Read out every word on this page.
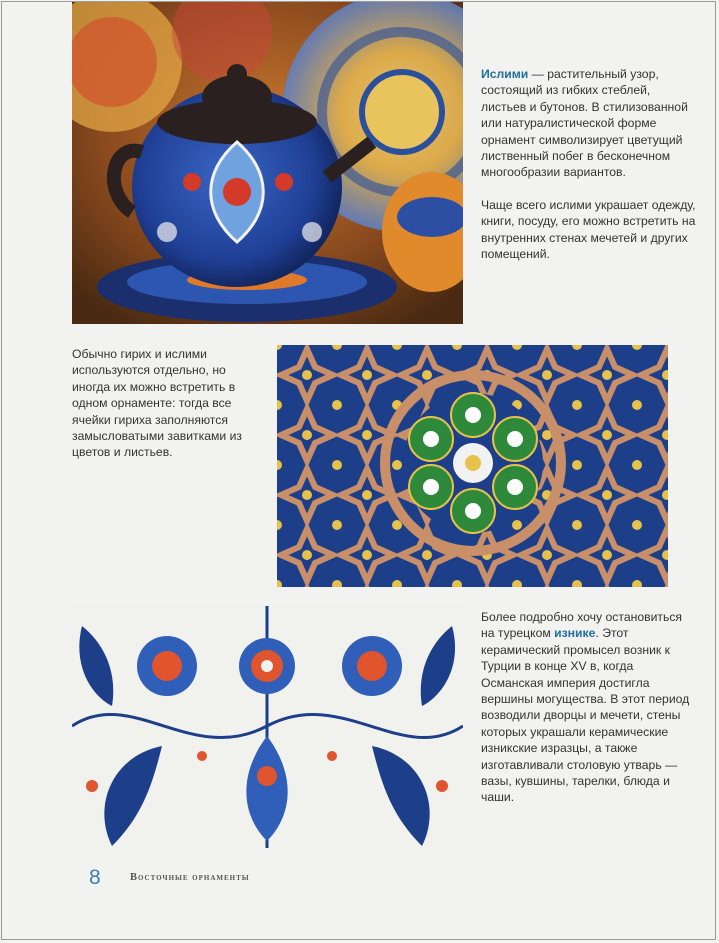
Ислими — растительный узор, состоящий из гибких стеблей, листьев и бутонов. В стилизованной или натуралистической форме орнамент символизирует цветущий лиственный побег в бесконечном многообразии вариантов.

Чаще всего ислими украшает одежду, книги, посуду, его можно встретить на внутренних стенах мечетей и других помещений.

Обычно гирих и ислими используются отдельно, но иногда их можно встретить в одном орнаменте: тогда все ячейки гириха заполняются замысловатыми завитками из цветов и листьев.

Более подробно хочу остановиться на турецком изнике. Этот керамический промысел возник к Турции в конце XV в, когда Османская империя достигла вершины могущества. В этот период возводили дворцы и мечети, стены которых украшали керамические изникские изразцы, а также изготавливали столовую утварь — вазы, кувшины, тарелки, блюда и чаши.

8	Восточные орнаменты
